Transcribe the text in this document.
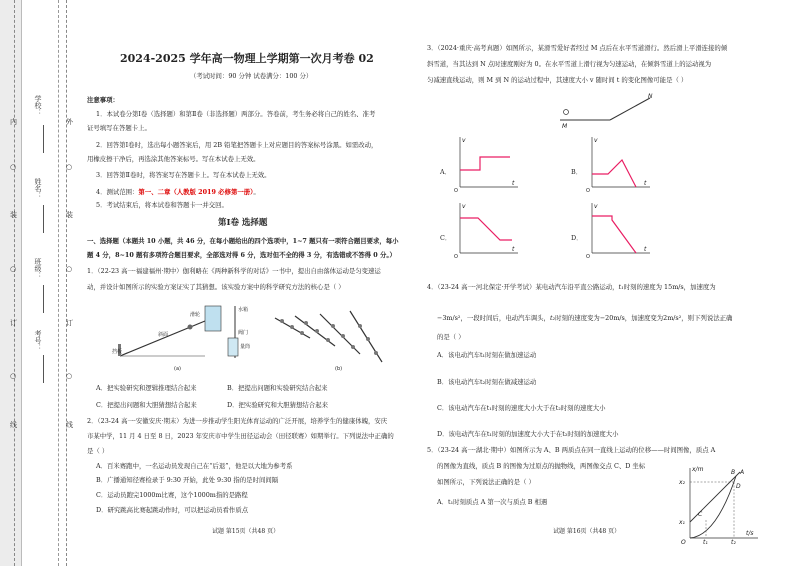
外
○
装
○
订
○
线
内
○
装
○
订
○
线
学校：
姓名：
班级：
考号：
2024-2025 学年高一物理上学期第一次月考卷 02
（考试时间：90 分钟 试卷满分：100 分）
注意事项：
1．本试卷分第Ⅰ卷（选择题）和第Ⅱ卷（非选择题）两部分。答卷前，考生务必将自己的姓名、准考
证号填写在答题卡上。
2．回答第Ⅰ卷时，选出每小题答案后，用 2B 铅笔把答题卡上对应题目的答案标号涂黑。如需改动，
用橡皮擦干净后，再选涂其他答案标号。写在本试卷上无效。
3．回答第Ⅱ卷时，将答案写在答题卡上。写在本试卷上无效。
4．测试范围：第一、二章（人教版 2019 必修第一册）。
5．考试结束后，将本试卷和答题卡一并交回。
第Ⅰ卷 选择题
一、选择题（本题共 10 小题，共 46 分，在每小题给出的四个选项中，1~7 题只有一项符合题目要求，每小
题 4 分，8~10 题有多项符合题目要求，全部选对得 6 分，选对但不全的得 3 分，有选错或不答得 0 分。）
1．（22-23 高一·福建福州·期中）伽利略在《两种新科学的对话》一书中，提出自由落体运动是匀变速运
动，并设计如图所示的实验方案证实了其猜想。该实验方案中的科学研究方法的核心是（ ）
挡板
斜面
滑轮
水箱
阀门
量筒
(a)	(b)
A．把实验研究和逻辑推理结合起来	B．把提出问题和实验研究结合起来
C．把提出问题和大胆猜想结合起来	D．把实验研究和大胆猜想结合起来
2．（23-24 高一·安徽安庆·期末）为进一步推动学生阳光体育运动的广泛开展，培养学生的健康体魄，安庆
市某中学，11 月 4 日至 8 日，2023 年安庆市中学生田径运动会（田径联赛）如期举行。下列说法中正确的
是（ ）
A．百米赛跑中，一名运动员发现自己在“后退”，他是以大地为参考系
B．广播通知径赛检录于 9:30 开始，此处 9:30 指的是时间间隔
C．运动员跑完1000m比赛，这个1000m指的是路程
D．研究跳高比赛起跳动作时，可以把运动员看作质点
试题 第15页（共48 页）
3．（2024·重庆·高考真题）如图所示，某滑雪爱好者经过 M 点后在水平雪道滑行。然后滑上平滑连接的倾
斜雪道，当其达到 N 点时速度刚好为 0。在水平雪道上滑行视为匀速运动，在倾斜雪道上的运动视为
匀减速直线运动，则 M 到 N 的运动过程中，其速度大小 v 随时间 t 的变化图像可能是（ ）
M
N
A．
v
t
O
B．
v
t
O
C．
v
t
O
D．
v
t
O
4．（23-24 高一·河北保定·开学考试）某电动汽车沿平直公路运动，t₁时刻的速度为 15m/s，加速度为
−3m/s²，一段时间后，电动汽车调头，t₂时刻的速度变为−20m/s，加速度变为2m/s²，则下列说法正确
的是（ ）
A．该电动汽车t₁时刻在做加速运动
B．该电动汽车t₂时刻在做减速运动
C．该电动汽车在t₁时刻的速度大小大于在t₂时刻的速度大小
D．该电动汽车在t₁时刻的加速度大小大于在t₂时刻的加速度大小
5．（23-24 高一·湖北·期中）如图所示为 A、B 两质点在同一直线上运动的位移——时间图像，质点 A
的图像为直线，质点 B 的图像为过原点的抛物线，两图像交点 C、D 坐标
如图所示，下列说法正确的是（ ）
A．t₁时刻质点 A 第一次与质点 B 相遇
x/m
t/s
x₂
x₁
t₁	t₂
O
B A
D
C
试题 第16页（共48 页）
